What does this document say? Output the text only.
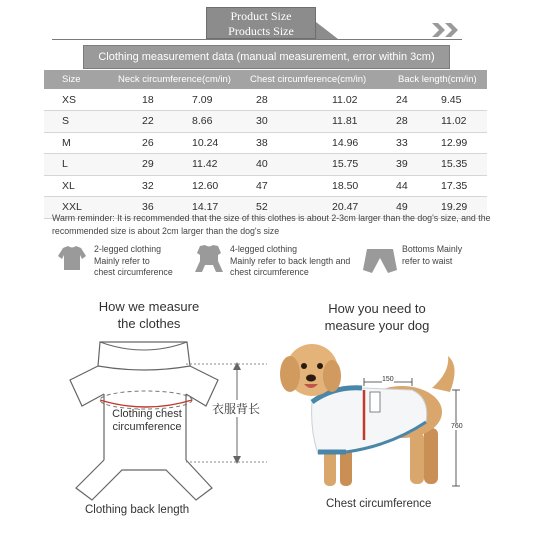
Product Size
Products Size
Clothing measurement data (manual measurement, error within 3cm)
Size	Neck circumference(cm/in)		Chest circumference(cm/in)		Back length(cm/in)	
XS	18	7.09	28	11.02	24	9.45
S	22	8.66	30	11.81	28	11.02
M	26	10.24	38	14.96	33	12.99
L	29	11.42	40	15.75	39	15.35
XL	32	12.60	47	18.50	44	17.35
XXL	36	14.17	52	20.47	49	19.29
Warm reminder: It is recommended that the size of this clothes is about 2-3cm larger than the dog's size, and the recommended size is about 2cm larger than the dog's size
2-legged clothing
Mainly refer to
chest circumference
4-legged clothing
Mainly refer to back length and
chest circumference
Bottoms Mainly
refer to waist
How we measure
the clothes
Clothing chest
circumference
衣服背长
Clothing back length
How you need to
measure your dog
150
760
Chest circumference
